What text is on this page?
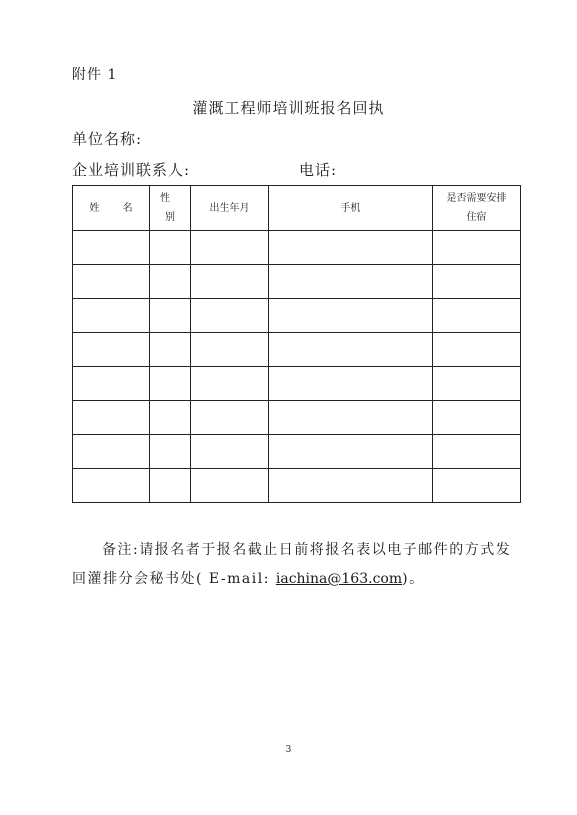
附件 1
灌溉工程师培训班报名回执
单位名称:
企业培训联系人:	电话:
姓 名	性 别	出生年月	手机	是否需要安排住宿

备注:请报名者于报名截止日前将报名表以电子邮件的方式发回灌排分会秘书处( E-mail: iachina@163.com)。
3
